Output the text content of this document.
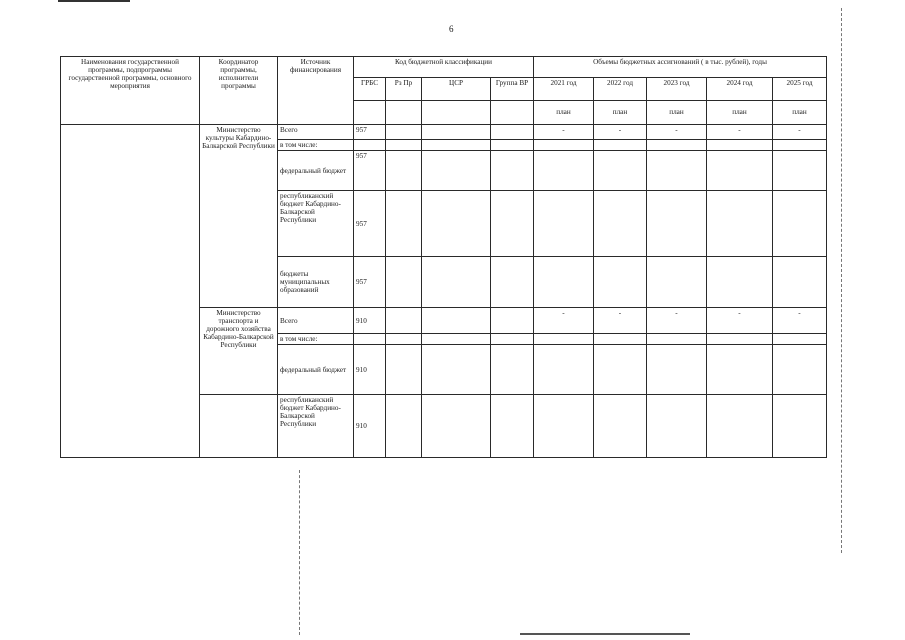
6
Наименования государственной программы, подпрограммы государственной программы, основного мероприятия	Координатор программы, исполнители программы	Источник финансирования	Код бюджетной классификации				Объемы бюджетных ассигнований ( в тыс. рублей), годы				
			ГРБС	Рз Пр	ЦСР	Группа ВР	2021 год	2022 год	2023 год	2024 год	2025 год
							план	план	план	план	план
	Министерство культуры Кабардино-Балкарской Республики	Всего	957				-	-	-	-	-
		в том числе:									
		федеральный бюджет	957								
		республиканский бюджет Кабардино-Балкарской Республики	957								
		бюджеты муниципальных образований	957								
	Министерство транспорта и дорожного хозяйства Кабардино-Балкарской Республики	Всего	910				-	-	-	-	-
		в том числе:									
		федеральный бюджет	910								
		республиканский бюджет Кабардино-Балкарской Республики	910								
